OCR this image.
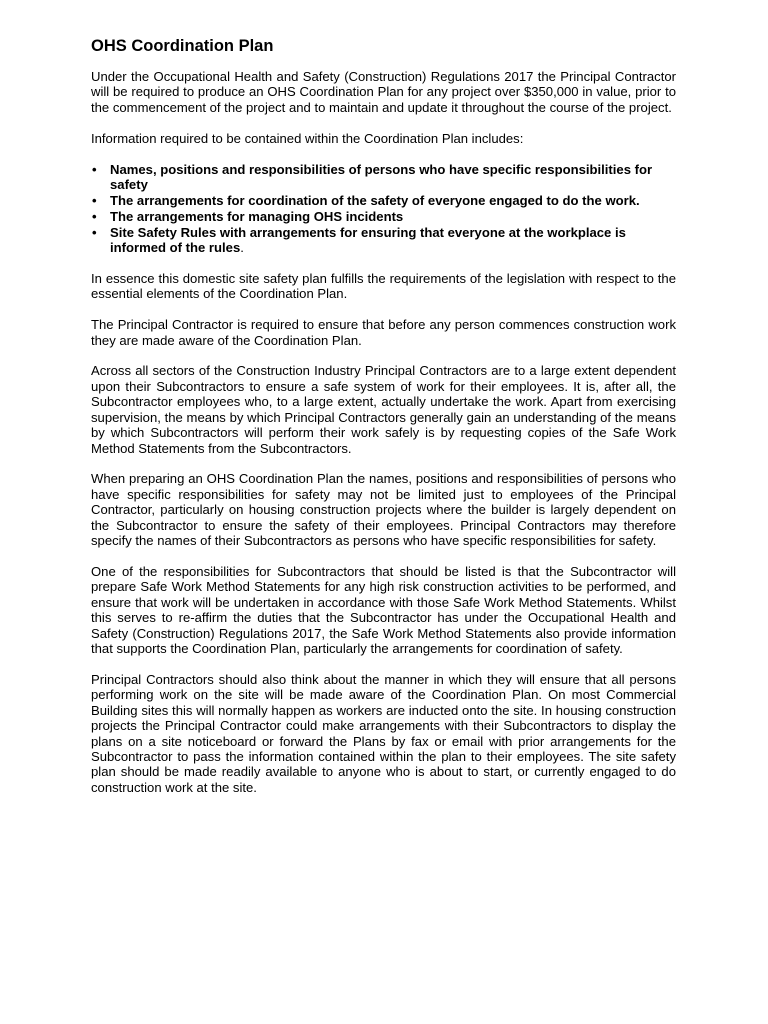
OHS Coordination Plan

Under the Occupational Health and Safety (Construction) Regulations 2017 the Principal Contractor will be required to produce an OHS Coordination Plan for any project over $350,000 in value, prior to the commencement of the project and to maintain and update it throughout the course of the project.

Information required to be contained within the Coordination Plan includes:

• Names, positions and responsibilities of persons who have specific responsibilities for safety
• The arrangements for coordination of the safety of everyone engaged to do the work.
• The arrangements for managing OHS incidents
• Site Safety Rules with arrangements for ensuring that everyone at the workplace is informed of the rules.

In essence this domestic site safety plan fulfills the requirements of the legislation with respect to the essential elements of the Coordination Plan.

The Principal Contractor is required to ensure that before any person commences construction work they are made aware of the Coordination Plan.

Across all sectors of the Construction Industry Principal Contractors are to a large extent dependent upon their Subcontractors to ensure a safe system of work for their employees. It is, after all, the Subcontractor employees who, to a large extent, actually undertake the work. Apart from exercising supervision, the means by which Principal Contractors generally gain an understanding of the means by which Subcontractors will perform their work safely is by requesting copies of the Safe Work Method Statements from the Subcontractors.

When preparing an OHS Coordination Plan the names, positions and responsibilities of persons who have specific responsibilities for safety may not be limited just to employees of the Principal Contractor, particularly on housing construction projects where the builder is largely dependent on the Subcontractor to ensure the safety of their employees. Principal Contractors may therefore specify the names of their Subcontractors as persons who have specific responsibilities for safety.

One of the responsibilities for Subcontractors that should be listed is that the Subcontractor will prepare Safe Work Method Statements for any high risk construction activities to be performed, and ensure that work will be undertaken in accordance with those Safe Work Method Statements. Whilst this serves to re-affirm the duties that the Subcontractor has under the Occupational Health and Safety (Construction) Regulations 2017, the Safe Work Method Statements also provide information that supports the Coordination Plan, particularly the arrangements for coordination of safety.

Principal Contractors should also think about the manner in which they will ensure that all persons performing work on the site will be made aware of the Coordination Plan. On most Commercial Building sites this will normally happen as workers are inducted onto the site. In housing construction projects the Principal Contractor could make arrangements with their Subcontractors to display the plans on a site noticeboard or forward the Plans by fax or email with prior arrangements for the Subcontractor to pass the information contained within the plan to their employees. The site safety plan should be made readily available to anyone who is about to start, or currently engaged to do construction work at the site.
